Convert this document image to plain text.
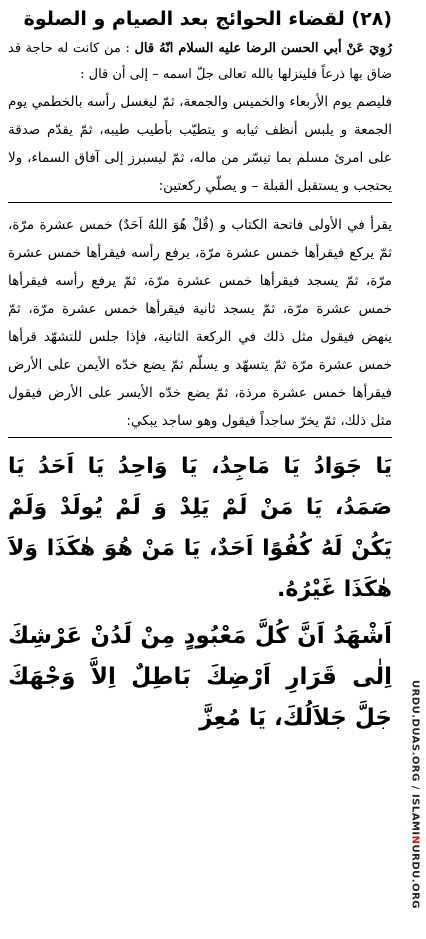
(٢٨) لقضاء الحوائج بعد الصيام و الصلوة

رُوِيَ عَنْ أبي الحسن الرضا عليه السلام انّهُ قال : من كانت له حاجة قد ضاق بها ذرعاً فلينزلها بالله تعالى جلّ اسمه – إلى أن قال :

فليصم يوم الأربعاء والخميس والجمعة، ثمّ ليغسل رأسه بالخطمي يوم الجمعة و يلبس أنظف ثيابه و يتطيّب بأطيب طيبه، ثمّ يقدّم صدقة على امرئ مسلم بما تيسّر من ماله، ثمّ ليسبرز إلى آفاق السماء، ولا يحتجب و يستقبل القبلة – و يصلّي ركعتين:

يقرأ في الأولى فاتحة الكتاب و (قُلْ هُوَ اللهُ اَحَدٌ) خمس عشرة مرّة، ثمّ يركع فيقرأها خمس عشرة مرّة، يرفع رأسه فيقرأها خمس عشرة مرّة، ثمّ يسجد فيقرأها خمس عشرة مرّة، ثمّ يرفع رأسه فيقرأها خمس عشرة مرّة، ثمّ يسجد ثانية فيقرأها خمس عشرة مرّة، ثمّ ينهض فيقول مثل ذلك في الركعة الثانية، فإذا جلس للتشهّد قرأها خمس عشرة مرّة ثمّ يتسهّد و يسلّم ثمّ يضع خدّه الأيمن على الأرض فيقرأها خمس عشرة مرذة، ثمّ يضع خدّه الأيسر على الأرض فيقول مثل ذلك، ثمّ يخرّ ساجداً فيقول وهو ساجد يبكي:

يَا جَوَادُ يَا مَاجِدُ، يَا وَاحِدُ يَا اَحَدُ يَا صَمَدُ، يَا مَنْ لَمْ يَلِدْ وَ لَمْ يُولَدْ وَلَمْ يَكُنْ لَهُ كُفُوًا اَحَدٌ، يَا مَنْ هُوَ هٰكَذَا وَلاَ هٰكَذَا غَيْرُهُ.

اَشْهَدُ اَنَّ كُلَّ مَعْبُودٍ مِنْ لَدُنْ عَرْشِكَ اِلٰى قَرَارِ اَرْضِكَ بَاطِلٌ اِلاَّ وَجْهَكَ جَلَّ جَلاَلُكَ، يَا مُعِزَّ URDU.DUAS.ORG / ISLAMINURDU.ORG
